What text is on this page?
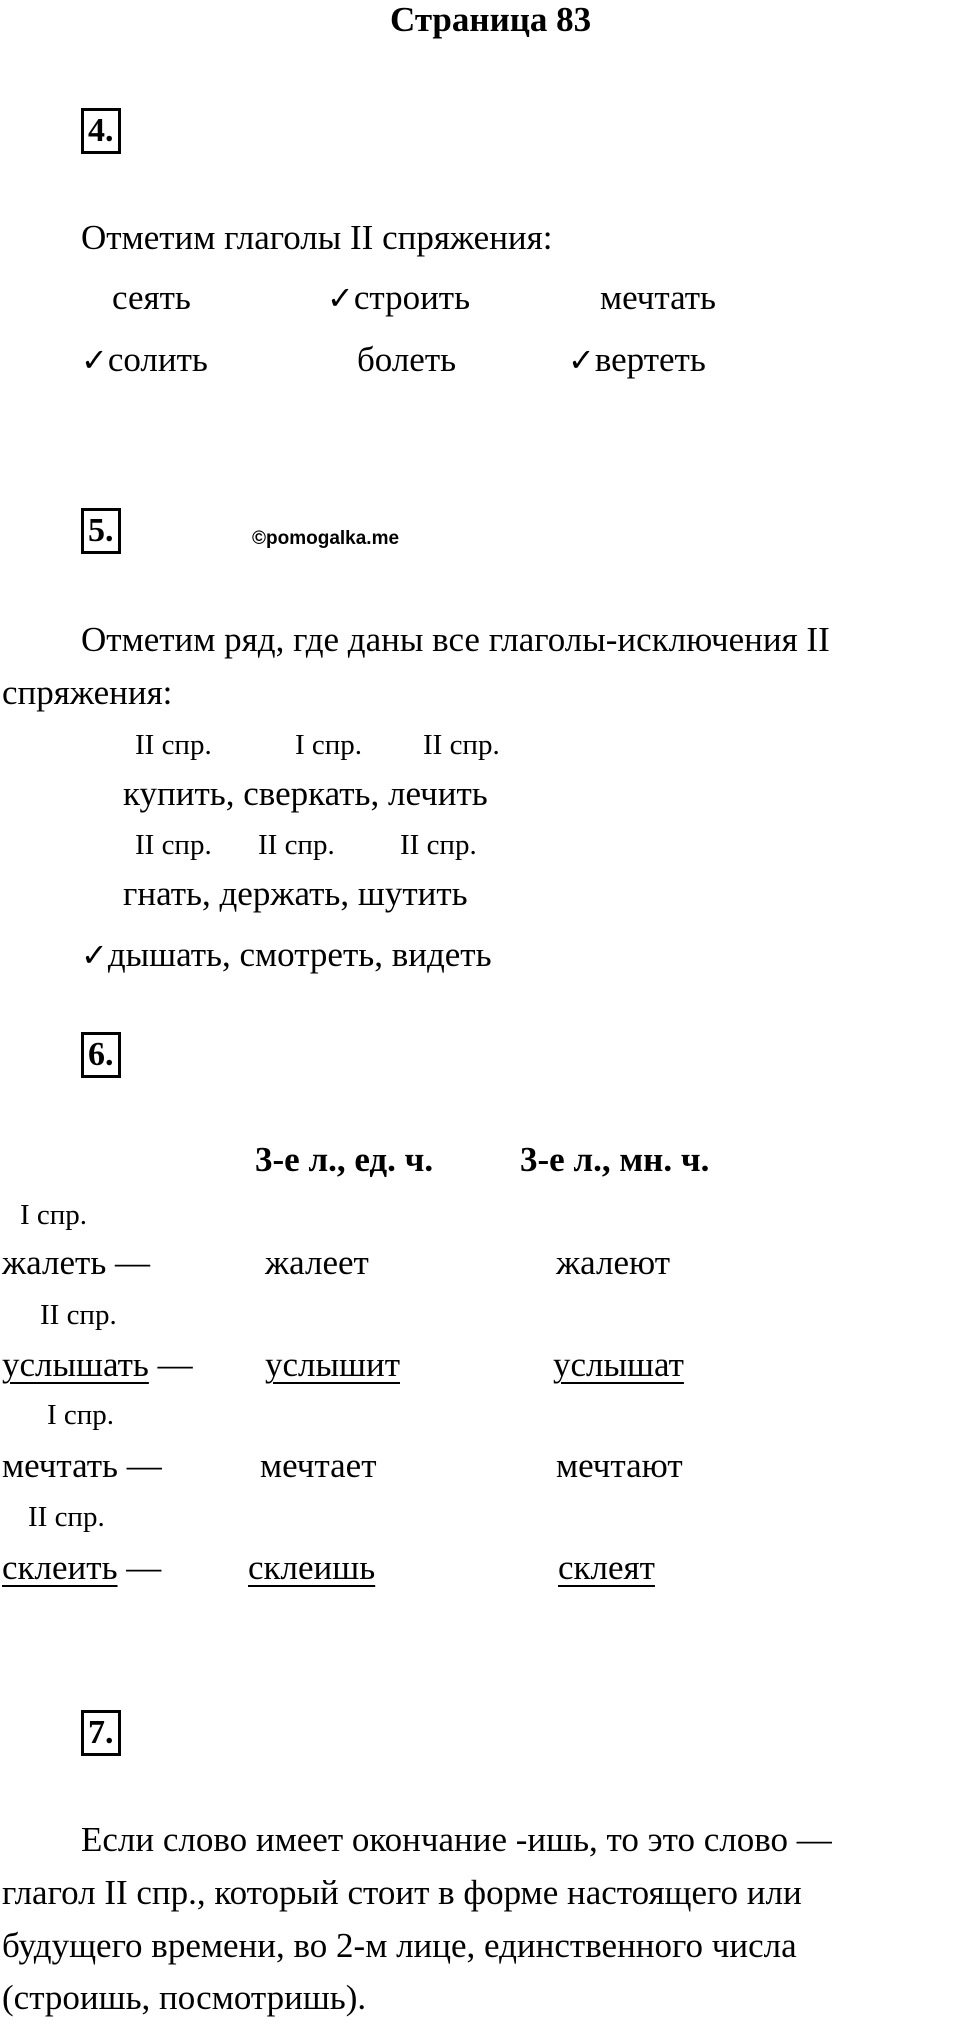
Страница 83
4.
Отметим глаголы II спряжения:
сеять	✓строить	мечтать
✓солить	болеть	✓вертеть
5.	©pomogalka.me
Отметим ряд, где даны все глаголы-исключения II
спряжения:
II спр.	I спр. II спр.
купить, сверкать, лечить
II спр. II спр. II спр.
гнать, держать, шутить
✓дышать, смотреть, видеть
6.
3-е л., ед. ч. 3-е л., мн. ч.
I спр.
жалеть —	жалеет	жалеют
II спр.
услышать — услышит	услышат
I спр.
мечтать —	мечтает	мечтают
II спр.
склеить — склеишь	склеят
7.
Если слово имеет окончание -ишь, то это слово —
глагол II спр., который стоит в форме настоящего или
будущего времени, во 2-м лице, единственного числа
(строишь, посмотришь).
